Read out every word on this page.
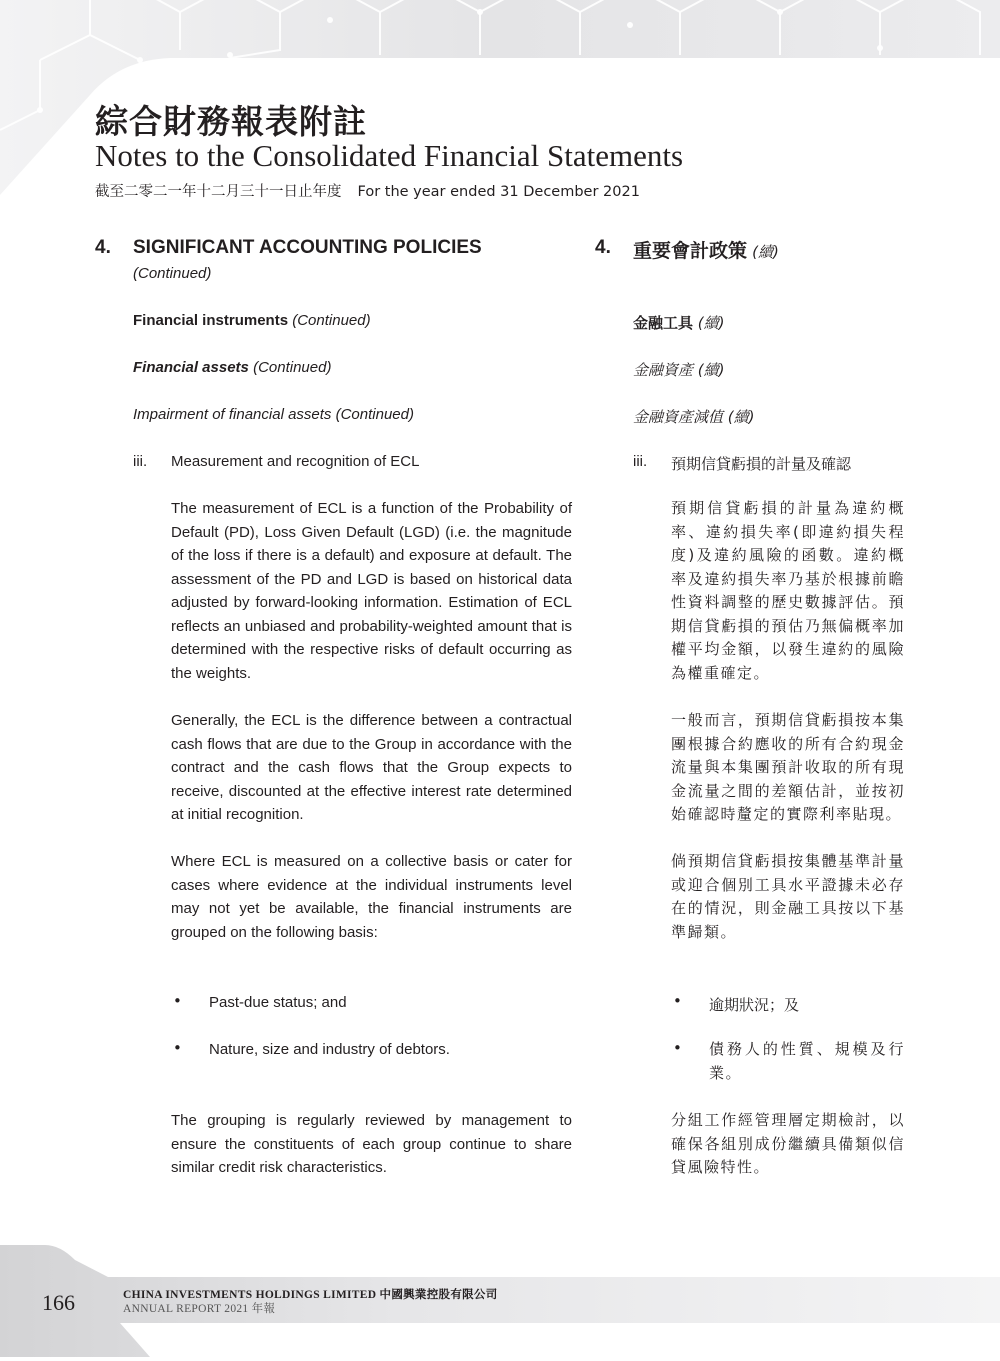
綜合財務報表附註
Notes to the Consolidated Financial Statements
截至二零二一年十二月三十一日止年度 For the year ended 31 December 2021
4. SIGNIFICANT ACCOUNTING POLICIES
(Continued)
Financial instruments (Continued)
Financial assets (Continued)
Impairment of financial assets (Continued)
iii. Measurement and recognition of ECL
The measurement of ECL is a function of the Probability of Default (PD), Loss Given Default (LGD) (i.e. the magnitude of the loss if there is a default) and exposure at default. The assessment of the PD and LGD is based on historical data adjusted by forward-looking information. Estimation of ECL reflects an unbiased and probability-weighted amount that is determined with the respective risks of default occurring as the weights.
Generally, the ECL is the difference between a contractual cash flows that are due to the Group in accordance with the contract and the cash flows that the Group expects to receive, discounted at the effective interest rate determined at initial recognition.
Where ECL is measured on a collective basis or cater for cases where evidence at the individual instruments level may not yet be available, the financial instruments are grouped on the following basis:
• Past-due status; and
• Nature, size and industry of debtors.
The grouping is regularly reviewed by management to ensure the constituents of each group continue to share similar credit risk characteristics.
4. 重要會計政策 (續)
金融工具 (續)
金融資產 (續)
金融資產減值 (續)
iii. 預期信貸虧損的計量及確認
預期信貸虧損的計量為違約概率、違約損失率(即違約損失程度)及違約風險的函數。違約概率及違約損失率乃基於根據前瞻性資料調整的歷史數據評估。預期信貸虧損的預估乃無偏概率加權平均金額，以發生違約的風險為權重確定。
一般而言，預期信貸虧損按本集團根據合約應收的所有合約現金流量與本集團預計收取的所有現金流量之間的差額估計，並按初始確認時釐定的實際利率貼現。
倘預期信貸虧損按集體基準計量或迎合個別工具水平證據未必存在的情況，則金融工具按以下基準歸類。
• 逾期狀況；及
• 債務人的性質、規模及行業。
分組工作經管理層定期檢討，以確保各組別成份繼續具備類似信貸風險特性。
166	CHINA INVESTMENTS HOLDINGS LIMITED 中國興業控股有限公司
ANNUAL REPORT 2021 年報
